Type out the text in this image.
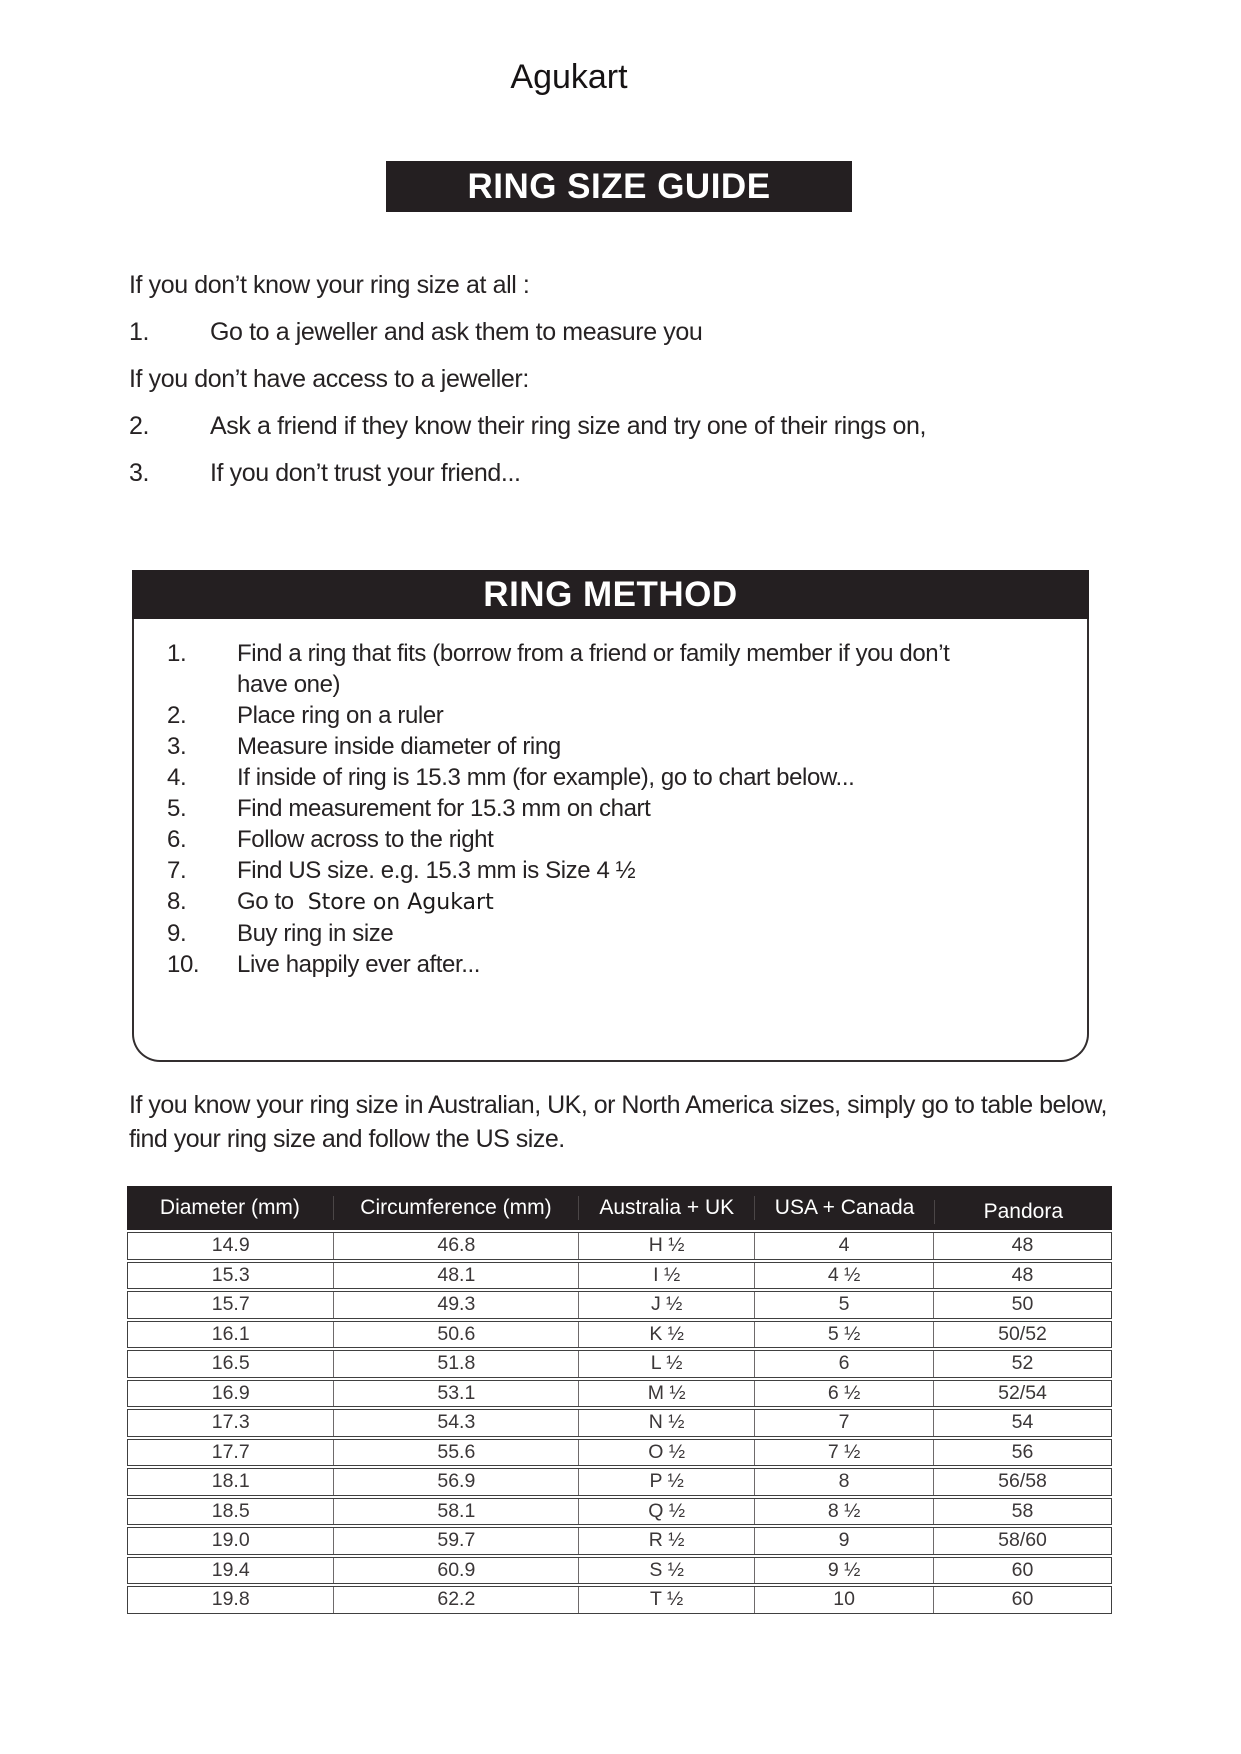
Agukart
RING SIZE GUIDE
If you don’t know your ring size at all :
1.	Go to a jeweller and ask them to measure you
If you don’t have access to a jeweller:
2.	Ask a friend if they know their ring size and try one of their rings on,
3.	If you don’t trust your friend...
RING METHOD
1.	Find a ring that fits (borrow from a friend or family member if you don’t have one)
2.	Place ring on a ruler
3.	Measure inside diameter of ring
4.	If inside of ring is 15.3 mm (for example), go to chart below...
5.	Find measurement for 15.3 mm on chart
6.	Follow across to the right
7.	Find US size. e.g. 15.3 mm is Size 4 ½
8.	Go to Store on Agukart
9.	Buy ring in size
10.	Live happily ever after...

If you know your ring size in Australian, UK, or North America sizes, simply go to table below, find your ring size and follow the US size.

Diameter (mm)	Circumference (mm)	Australia + UK	USA + Canada	Pandora
14.9	46.8	H ½	4	48
15.3	48.1	I ½	4 ½	48
15.7	49.3	J ½	5	50
16.1	50.6	K ½	5 ½	50/52
16.5	51.8	L ½	6	52
16.9	53.1	M ½	6 ½	52/54
17.3	54.3	N ½	7	54
17.7	55.6	O ½	7 ½	56
18.1	56.9	P ½	8	56/58
18.5	58.1	Q ½	8 ½	58
19.0	59.7	R ½	9	58/60
19.4	60.9	S ½	9 ½	60
19.8	62.2	T ½	10	60
